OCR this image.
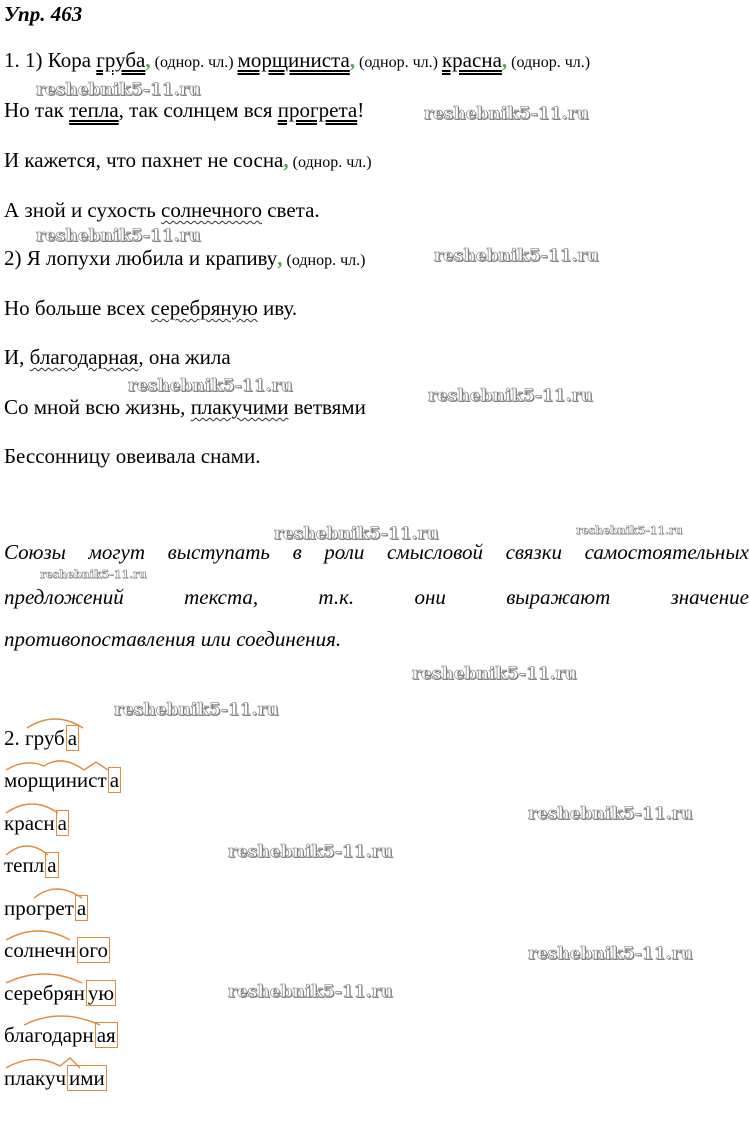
Упр. 463
1. 1) Кора груба, (однор. чл.) морщиниста, (однор. чл.) красна, (однор. чл.)
Но так тепла, так солнцем вся прогрета!
И кажется, что пахнет не сосна, (однор. чл.)
А зной и сухость солнечного света.
2) Я лопухи любила и крапиву, (однор. чл.)
Но больше всех серебряную иву.
И, благодарная, она жила
Со мной всю жизнь, плакучими ветвями
Бессонницу овеивала снами.
Союзы могут выступать в роли смысловой связки самостоятельных
предложений	текста,	т.к.	они	выражают	значение
противопоставления или соединения.
2.
груб а
морщинист а
красн а
тепл а
прогрет а
солнечн ого
серебрян ую
благодарн ая
плакуч ими
reshebnik5-11.ru
reshebnik5-11.ru
reshebnik5-11.ru
reshebnik5-11.ru
reshebnik5-11.ru	reshebnik5-11.ru
reshebnik5-11.ru	reshebnik5-11.ru
reshebnik5-11.ru
reshebnik5-11.ru
reshebnik5-11.ru
reshebnik5-11.ru
reshebnik5-11.ru
reshebnik5-11.ru
reshebnik5-11.ru
